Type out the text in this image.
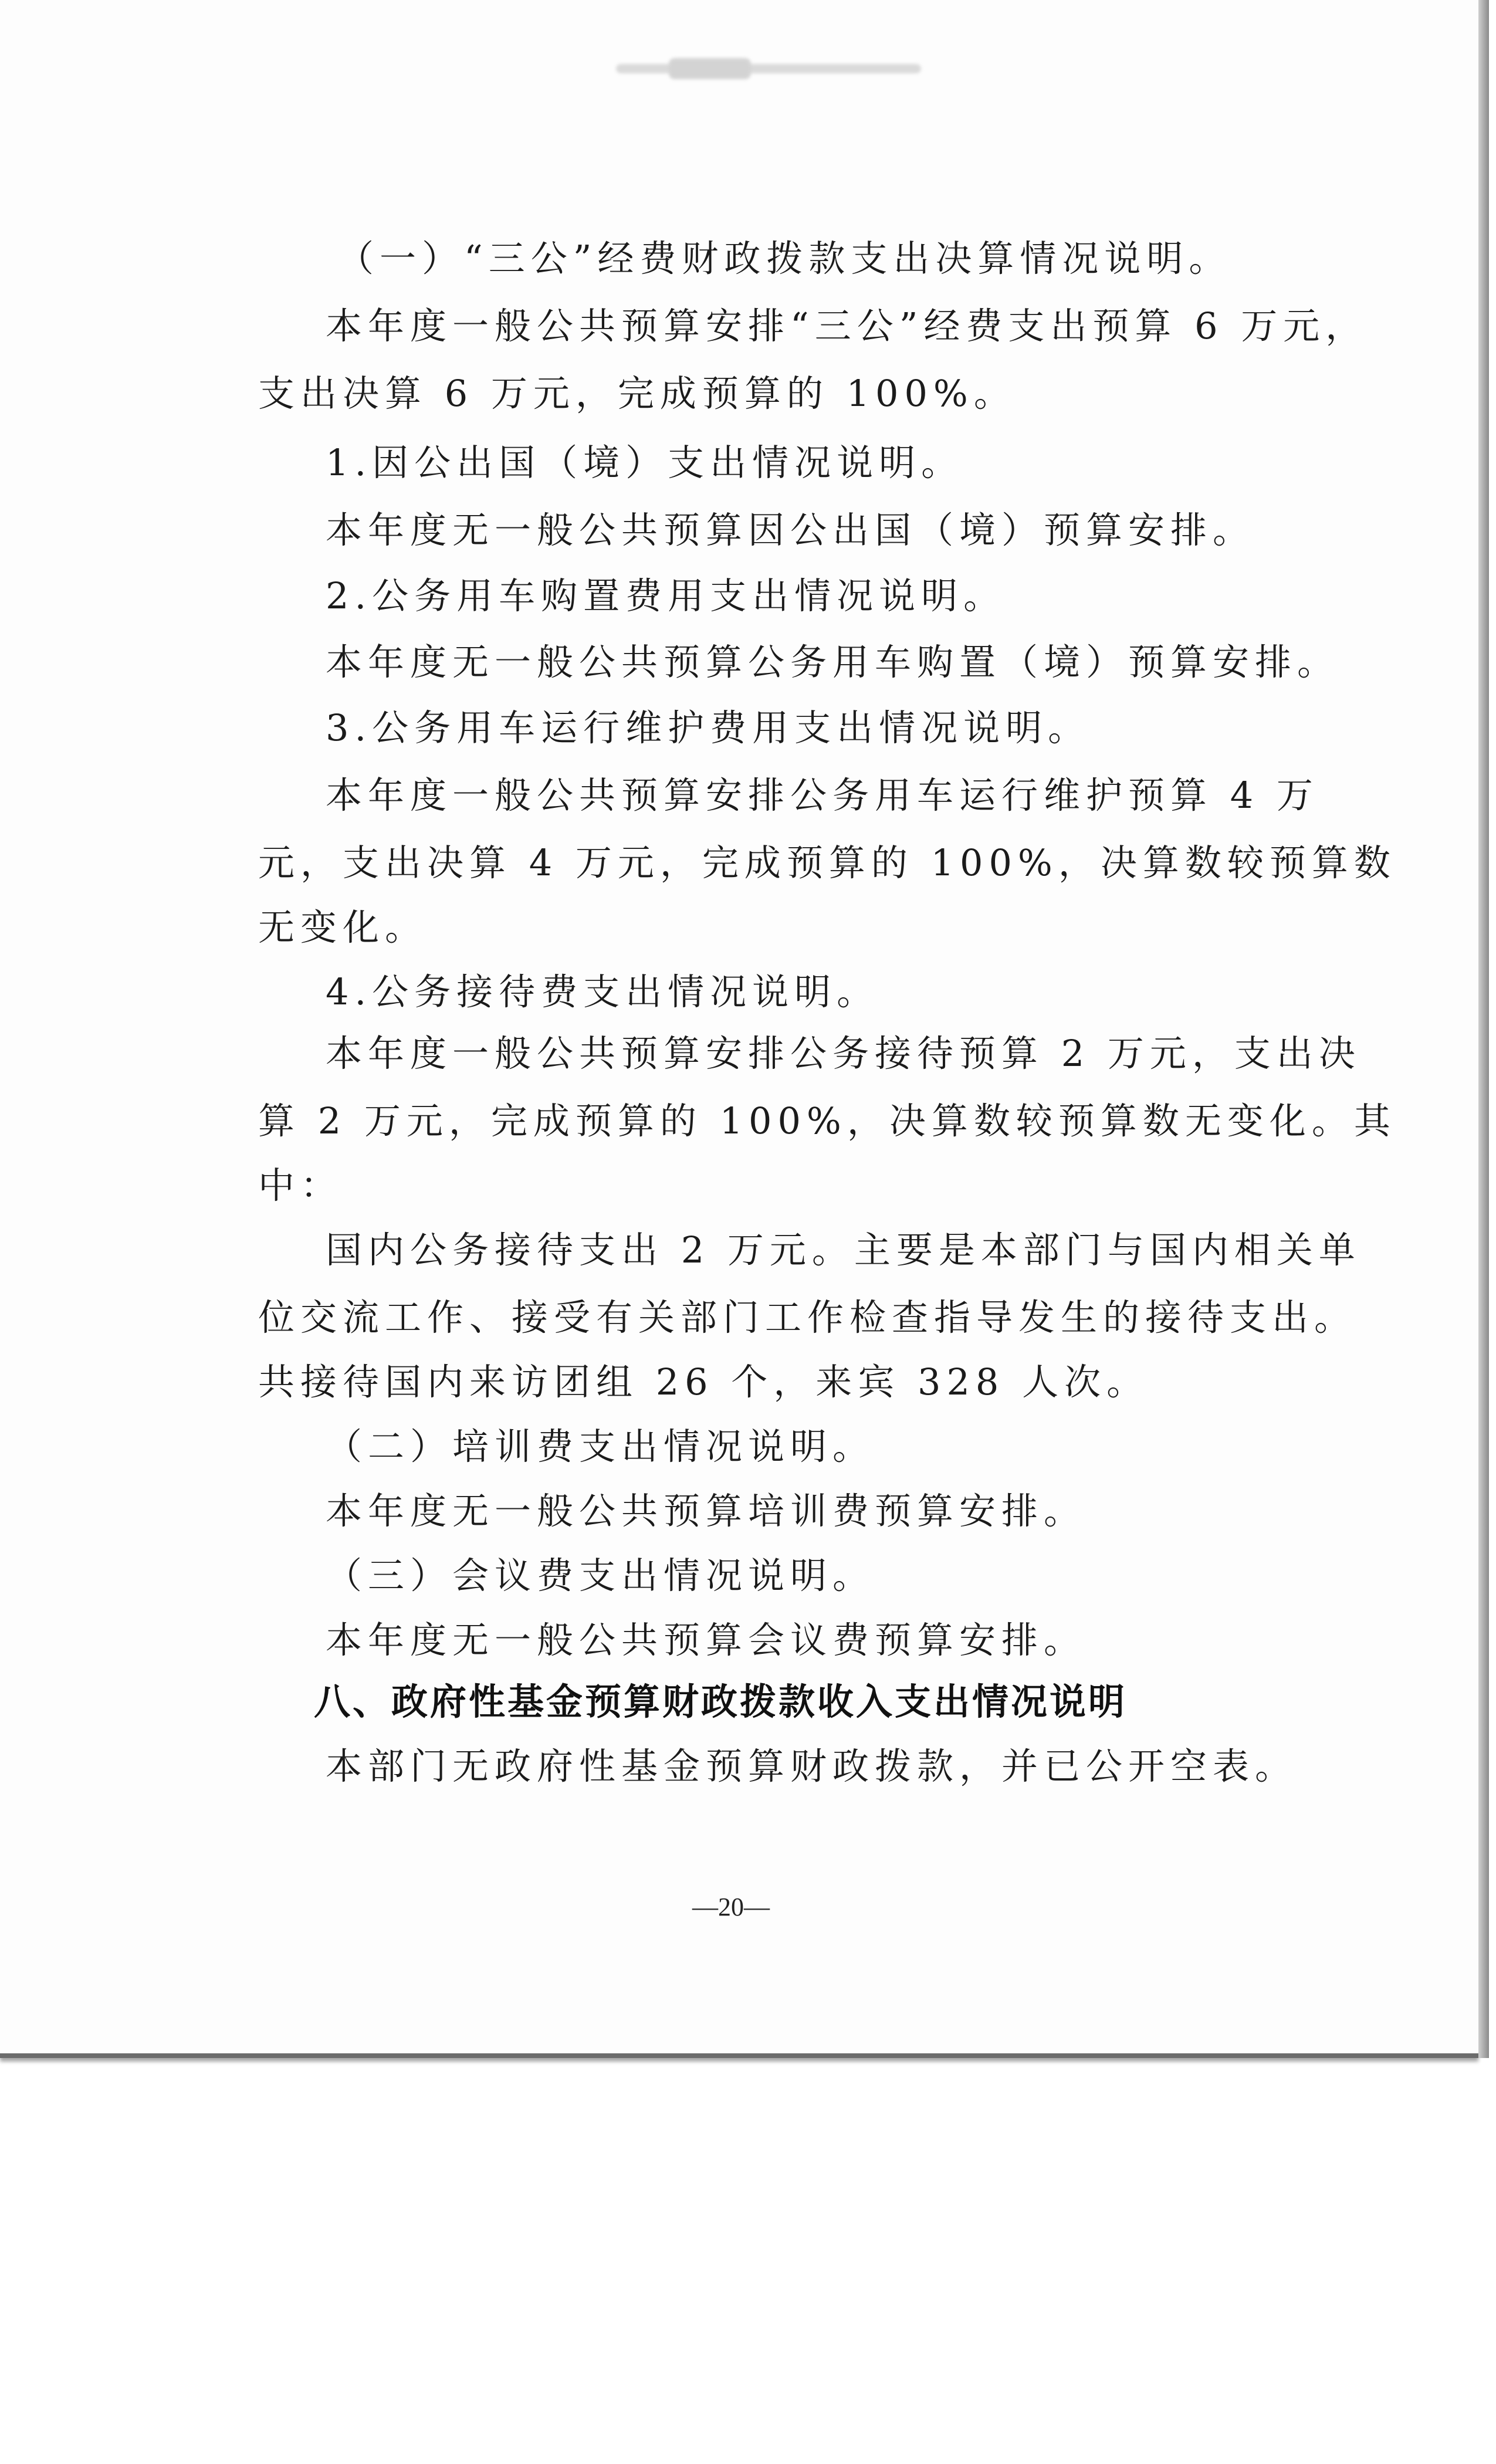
（一）“三公”经费财政拨款支出决算情况说明。

本年度一般公共预算安排“三公”经费支出预算 6 万元，

支出决算 6 万元，完成预算的 100%。

1.因公出国（境）支出情况说明。

本年度无一般公共预算因公出国（境）预算安排。

2.公务用车购置费用支出情况说明。

本年度无一般公共预算公务用车购置（境）预算安排。

3.公务用车运行维护费用支出情况说明。

本年度一般公共预算安排公务用车运行维护预算 4 万

元，支出决算 4 万元，完成预算的 100%，决算数较预算数

无变化。

4.公务接待费支出情况说明。

本年度一般公共预算安排公务接待预算 2 万元，支出决

算 2 万元，完成预算的 100%，决算数较预算数无变化。其

中：

国内公务接待支出 2 万元。主要是本部门与国内相关单

位交流工作、接受有关部门工作检查指导发生的接待支出。

共接待国内来访团组 26 个，来宾 328 人次。

（二）培训费支出情况说明。

本年度无一般公共预算培训费预算安排。

（三）会议费支出情况说明。

本年度无一般公共预算会议费预算安排。

八、政府性基金预算财政拨款收入支出情况说明

本部门无政府性基金预算财政拨款，并已公开空表。

—20—
